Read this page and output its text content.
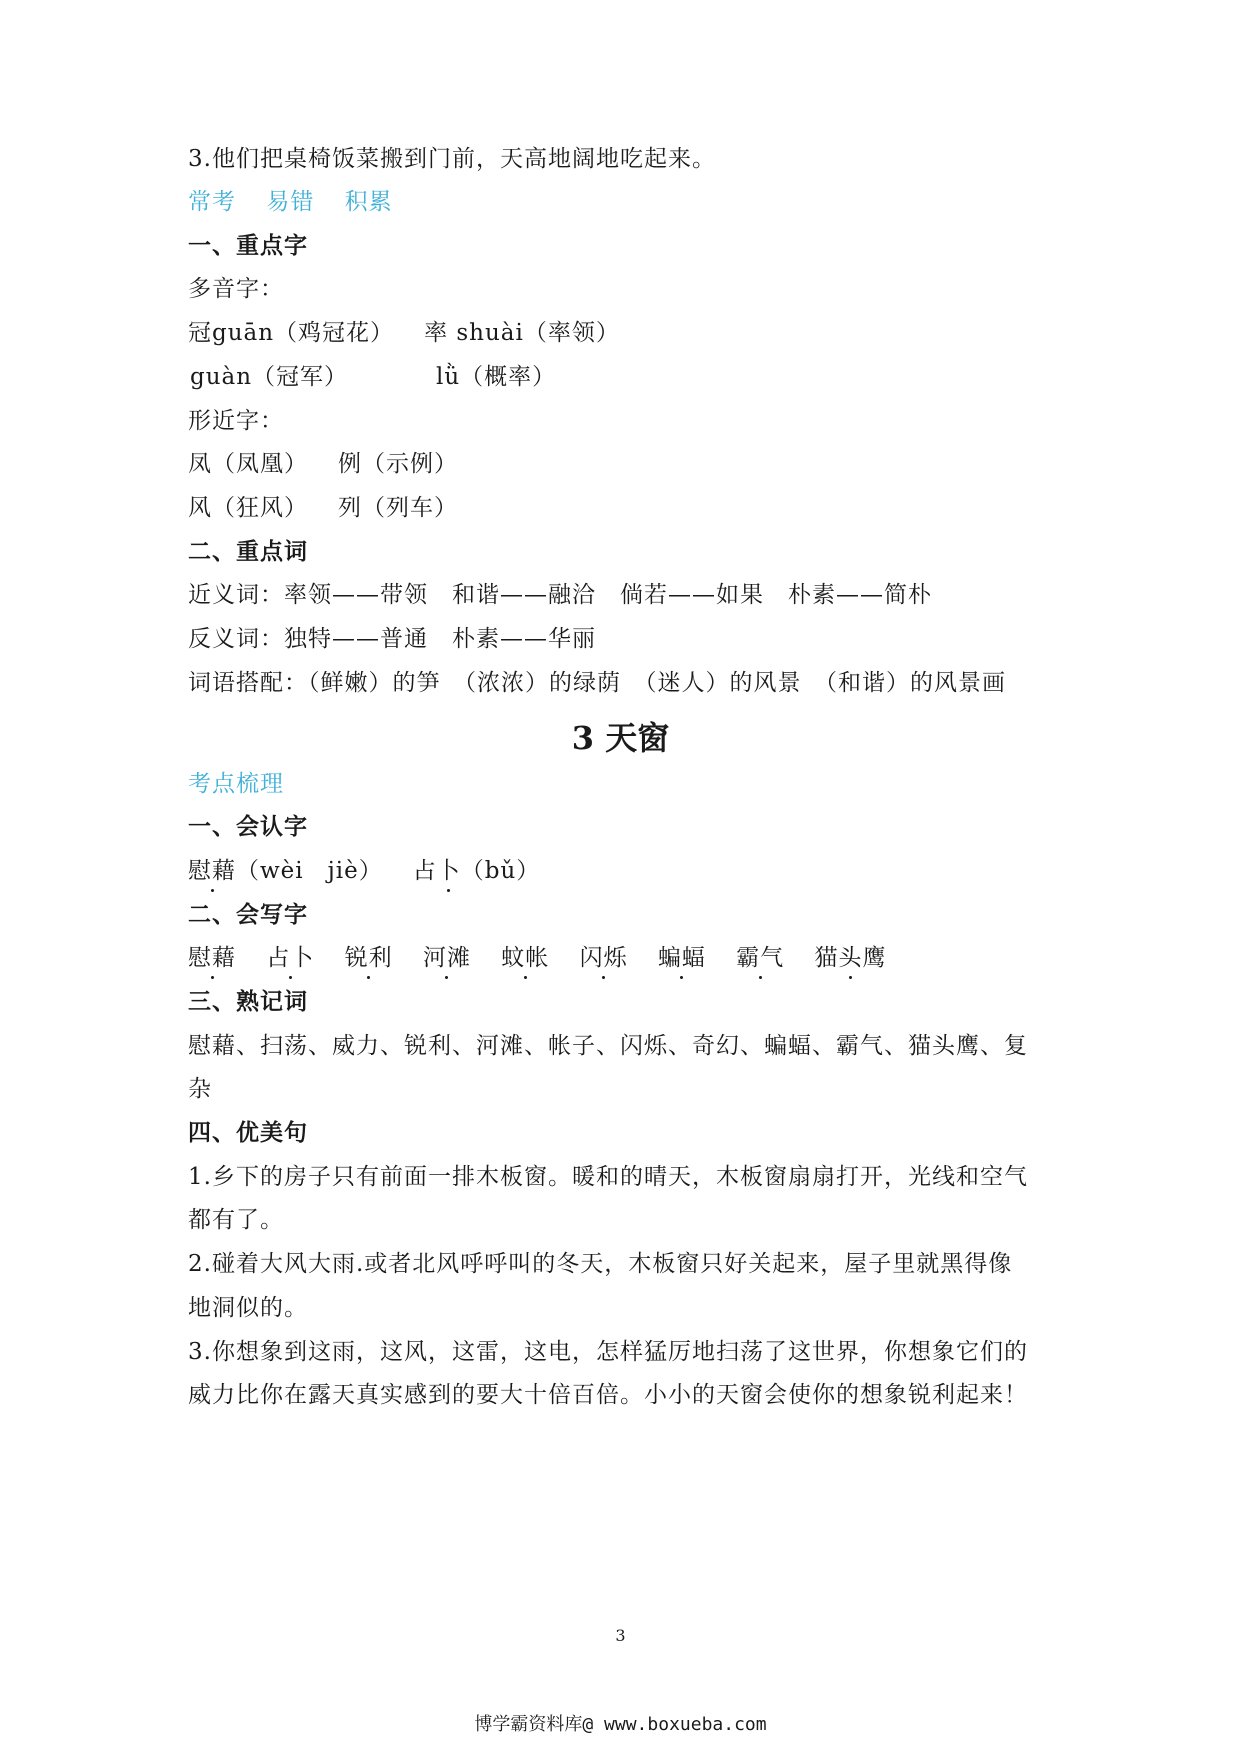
3.他们把桌椅饭菜搬到门前，天高地阔地吃起来。
常考 易错 积累
一、重点字
多音字：
冠guān（鸡冠花） 率 shuài（率领）
guàn（冠军）	lǜ（概率）
形近字：
凤（凤凰） 例（示例）
风（狂风） 列（列车）
二、重点词
近义词：率领——带领　和谐——融洽　倘若——如果　朴素——简朴
反义词：独特——普通　朴素——华丽
词语搭配：（鲜嫩）的笋　（浓浓）的绿荫　（迷人）的风景　（和谐）的风景画
3 天窗
考点梳理
一、会认字
慰藉（wèi　jiè） 占卜（bǔ）
二、会写字
慰藉 占卜 锐利 河滩 蚊帐 闪烁 蝙蝠 霸气 猫头鹰
三、熟记词
慰藉、扫荡、威力、锐利、河滩、帐子、闪烁、奇幻、蝙蝠、霸气、猫头鹰、复
杂
四、优美句
1.乡下的房子只有前面一排木板窗。暖和的晴天，木板窗扇扇打开，光线和空气
都有了。
2.碰着大风大雨.或者北风呼呼叫的冬天，木板窗只好关起来，屋子里就黑得像
地洞似的。
3.你想象到这雨，这风，这雷，这电，怎样猛厉地扫荡了这世界，你想象它们的
威力比你在露天真实感到的要大十倍百倍。小小的天窗会使你的想象锐利起来！
3
博学霸资料库@ www.boxueba.com
